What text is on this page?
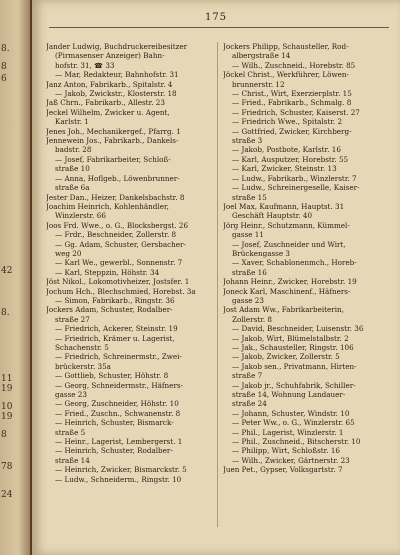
8.
8
6
42
8.
11
19
10
19
8
78
24
175
Jander Ludwig, Buchdruckereibesitzer
(Pirmasenser Anzeiger) Bahn-
hofstr. 31, ☎ 33
— Mar, Redakteur, Bahnhofstr. 31
Janz Anton, Fabrikarb., Spitalstr. 4
— Jakob, Zwickstr., Klosterstr. 18
Jaß Chrn., Fabrikarb., Allestr. 23
Jeckel Wilhelm, Zwicker u. Agent,
Karlstr. 1
Jenes Joh., Mechanikergef., Pfarrg. 1
Jennewein Jos., Fabrikarb., Dankels-
badstr. 28
— Josef, Fabrikarbeiter, Schloß-
straße 10
— Anna, Hoflgeb., Löwenbrunner-
straße 6a
Jester Dan., Heizer, Dankelsbachstr. 8
Joachim Heinrich, Kohlenhändler,
Winzlerstr. 66
Joos Frd. Wwe., o. G., Blocksbergst. 26
— Frdr., Beschneider, Zollerstr. 8
— Gg. Adam, Schuster, Gersbacher-
weg 20
— Karl We., gewerbl., Sonnenstr. 7
— Karl, Steppzin, Höhstr. 34
Jöst Nikol., Lokomotivheizer, Jostsfer. 1
Jochum Hch., Blechschmied, Horebst. 3a
— Simon, Fabrikarb., Ringstr. 36
Jockers Adam, Schuster, Rodalber-
straße 27
— Friedrich, Ackerer, Steinstr. 19
— Friedrich, Krämer u. Lagerist,
Schachenstr. 5
— Friedrich, Schreinermstr., Zwei-
brückerstr. 35a
— Gottlieb, Schuster, Höhstr. 8
— Georg, Schneidermstr., Häfners-
gasse 23
— Georg, Zuschneider, Höhstr. 10
— Fried., Zuschn., Schwanenstr. 8
— Heinrich, Schuster, Bismarck-
straße 5
— Heinr., Lagerist, Lembergerst. 1
— Heinrich, Schuster, Rodalber-
straße 14
— Heinrich, Zwicker, Bismarckstr. 5
— Ludw., Schneiderm., Ringstr. 10
Jockers Philipp, Schausteller, Rod-
albergstraße 14
— Wilh., Zuschneid., Horebstr. 85
Jöckel Christ., Werkführer, Löwen-
brunnerstr. 12
— Christ., Wirt, Exerzierplstr. 15
— Fried., Fabrikarb., Schmalg. 8
— Friedrich, Schuster, Kaiserst. 27
— Friedrich Wwe., Spitalstr. 2
— Gottfried, Zwicker, Kirchberg-
straße 3
— Jakob, Postbote, Karlstr. 16
— Karl, Ausputzer, Horebstr. 55
— Karl, Zwicker, Steinstr. 13
— Ludw., Fabrikarb., Winzlerstr. 7
— Ludw., Schreinergeselle, Kaiser-
straße 15
Joel Max, Kaufmann, Hauptst. 31
Geschäft Hauptstr. 40
Jörg Heinr., Schutzmann, Kümmel-
gasse 11
— Josef, Zuschneider und Wirt,
Brückengasse 3
— Xaver, Schablonenmch., Horeb-
straße 16
Johann Heinr., Zwicker, Horebstr. 19
Joneck Karl, Maschinenf., Häfners-
gasse 23
Jost Adam Ww., Fabrikarbeiterin,
Zollerstr. 8
— David, Beschneider, Luisenstr. 36
— Jakob, Wirt, Blümelstalbstr. 2
— Jak., Schausteller, Ringstr. 106
— Jakob, Zwicker, Zollerstr. 5
— Jakob sen., Privatmann, Hirten-
straße 7
— Jakob jr., Schuhfabrik, Schiller-
straße 14, Wohnung Landauer-
straße 24
— Johann, Schuster, Windstr. 10
— Peter Ww., o. G., Winzlerstr. 65
— Phil., Lagerist, Winzlerstr. 1
— Phil., Zuschneid., Bitscherstr. 10
— Philipp, Wirt, Schloßstr. 16
— Wilh., Zwicker, Gärtnerstr. 23
Juen Pet., Gypser, Volksgartstr. 7
